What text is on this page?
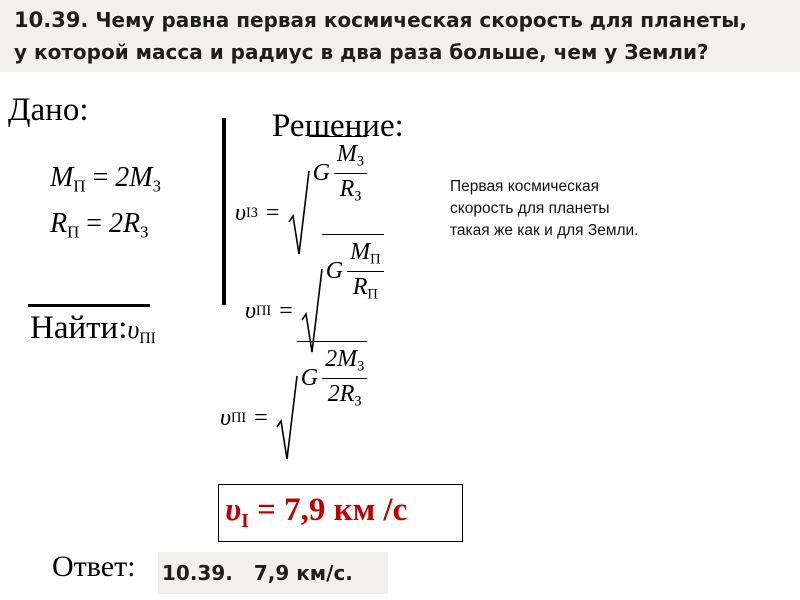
10.39. Чему равна первая космическая скорость для планеты,
у которой масса и радиус в два раза больше, чем у Земли?
Дано:
$M_П = 2M_З$
$R_П = 2R_З$
$Найти:\upsilon_{ПI}$
Решение:
υ IЗ =
G $\frac{M_З}{R_З}$
υ ПI =
G $\frac{M_П}{R_П}$
υ ПI =
G $\frac{2M_З}{2R_З}$
Первая космическая
скорость для планеты
такая же как и для Земли.
$\upsilon_I = 7,9$ км /с
Ответ: 10.39. 7,9 км/с.
